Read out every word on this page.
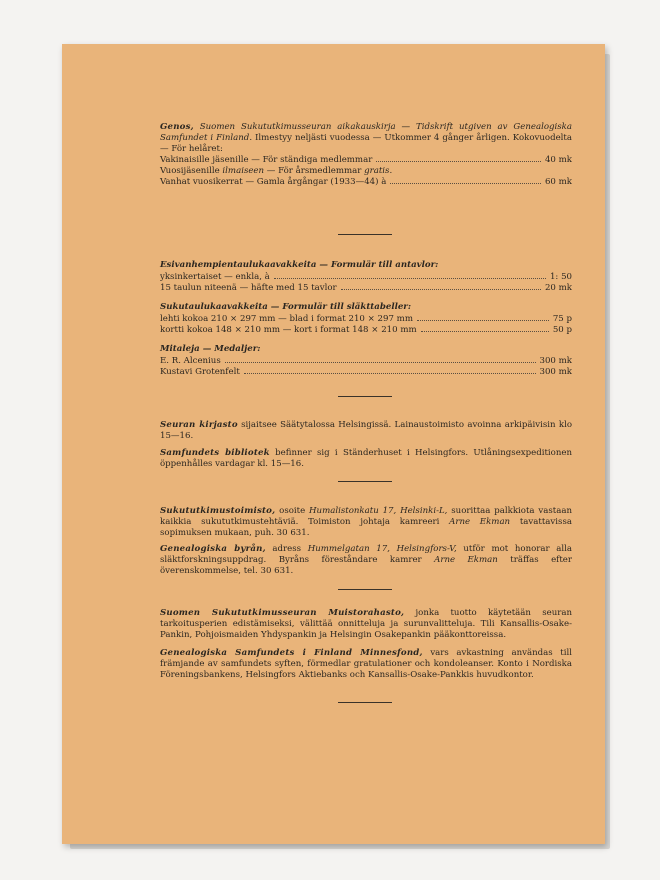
Genos, Suomen Sukututkimusseuran aikakauskirja — Tidskrift utgiven av Genealogiska Samfundet i Finland. Ilmestyy neljästi vuodessa — Utkommer 4 gånger årligen. Kokovuodelta — För helåret:

Vakinaisille jäsenille — För ständiga medlemmar	40 mk

Vuosijäsenille ilmaiseen — För årsmedlemmar gratis.

Vanhat vuosikerrat — Gamla årgångar (1933—44) à	60 mk

Esivanhempientaulukaavakkeita — Formulär till antavlor:

yksinkertaiset — enkla, à	1: 50
15 taulun niteenä — häfte med 15 tavlor	20 mk

Sukutaulukaavakkeita — Formulär till släkttabeller:

lehti kokoa 210 × 297 mm — blad i format 210 × 297 mm	75 p
kortti kokoa 148 × 210 mm — kort i format 148 × 210 mm	50 p

Mitaleja — Medaljer:

E. R. Alcenius	300 mk
Kustavi Grotenfelt	300 mk

Seuran kirjasto sijaitsee Säätytalossa Helsingissä. Lainaustoimisto avoinna arkipäivisin klo 15—16.

Samfundets bibliotek befinner sig i Ständerhuset i Helsingfors. Utlåningsexpeditionen öppenhålles vardagar kl. 15—16.

Sukututkimustoimisto, osoite Humalistonkatu 17, Helsinki-L, suorittaa palkkiota vastaan kaikkia sukututkimustehtäviä. Toimiston johtaja kamreeri Arne Ekman tavattavissa sopimuksen mukaan, puh. 30 631.

Genealogiska byrån, adress Hummelgatan 17, Helsingfors-V, utför mot honorar alla släktforskningsuppdrag. Byråns föreståndare kamrer Arne Ekman träffas efter överenskommelse, tel. 30 631.

Suomen Sukututkimusseuran Muistorahasto, jonka tuotto käytetään seuran tarkoitusperien edistämiseksi, välittää onnitteluja ja surunvalitteluja. Tili Kansallis-Osake-Pankin, Pohjoismaiden Yhdyspankin ja Helsingin Osakepankin pääkonttoreissa.

Genealogiska Samfundets i Finland Minnesfond, vars avkastning användas till främjande av samfundets syften, förmedlar gratulationer och kondoleanser. Konto i Nordiska Föreningsbankens, Helsingfors Aktiebanks och Kansallis-Osake-Pankkis huvudkontor.
